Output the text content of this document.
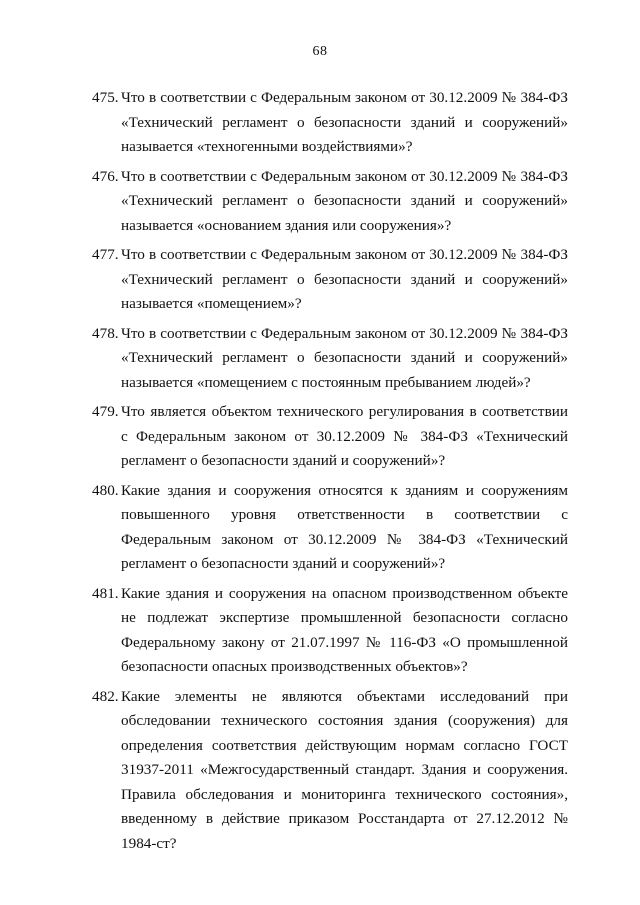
68
475. Что в соответствии с Федеральным законом от 30.12.2009 № 384-ФЗ «Технический регламент о безопасности зданий и сооружений» называется «техногенными воздействиями»?
476. Что в соответствии с Федеральным законом от 30.12.2009 № 384-ФЗ «Технический регламент о безопасности зданий и сооружений» называется «основанием здания или сооружения»?
477. Что в соответствии с Федеральным законом от 30.12.2009 № 384-ФЗ «Технический регламент о безопасности зданий и сооружений» называется «помещением»?
478. Что в соответствии с Федеральным законом от 30.12.2009 № 384-ФЗ «Технический регламент о безопасности зданий и сооружений» называется «помещением с постоянным пребыванием людей»?
479. Что является объектом технического регулирования в соответствии с Федеральным законом от 30.12.2009 № 384-ФЗ «Технический регламент о безопасности зданий и сооружений»?
480. Какие здания и сооружения относятся к зданиям и сооружениям повышенного уровня ответственности в соответствии с Федеральным законом от 30.12.2009 № 384-ФЗ «Технический регламент о безопасности зданий и сооружений»?
481. Какие здания и сооружения на опасном производственном объекте не подлежат экспертизе промышленной безопасности согласно Федеральному закону от 21.07.1997 № 116-ФЗ «О промышленной безопасности опасных производственных объектов»?
482. Какие элементы не являются объектами исследований при обследовании технического состояния здания (сооружения) для определения соответствия действующим нормам согласно ГОСТ 31937-2011 «Межгосударственный стандарт. Здания и сооружения. Правила обследования и мониторинга технического состояния», введенному в действие приказом Росстандарта от 27.12.2012 № 1984-ст?
